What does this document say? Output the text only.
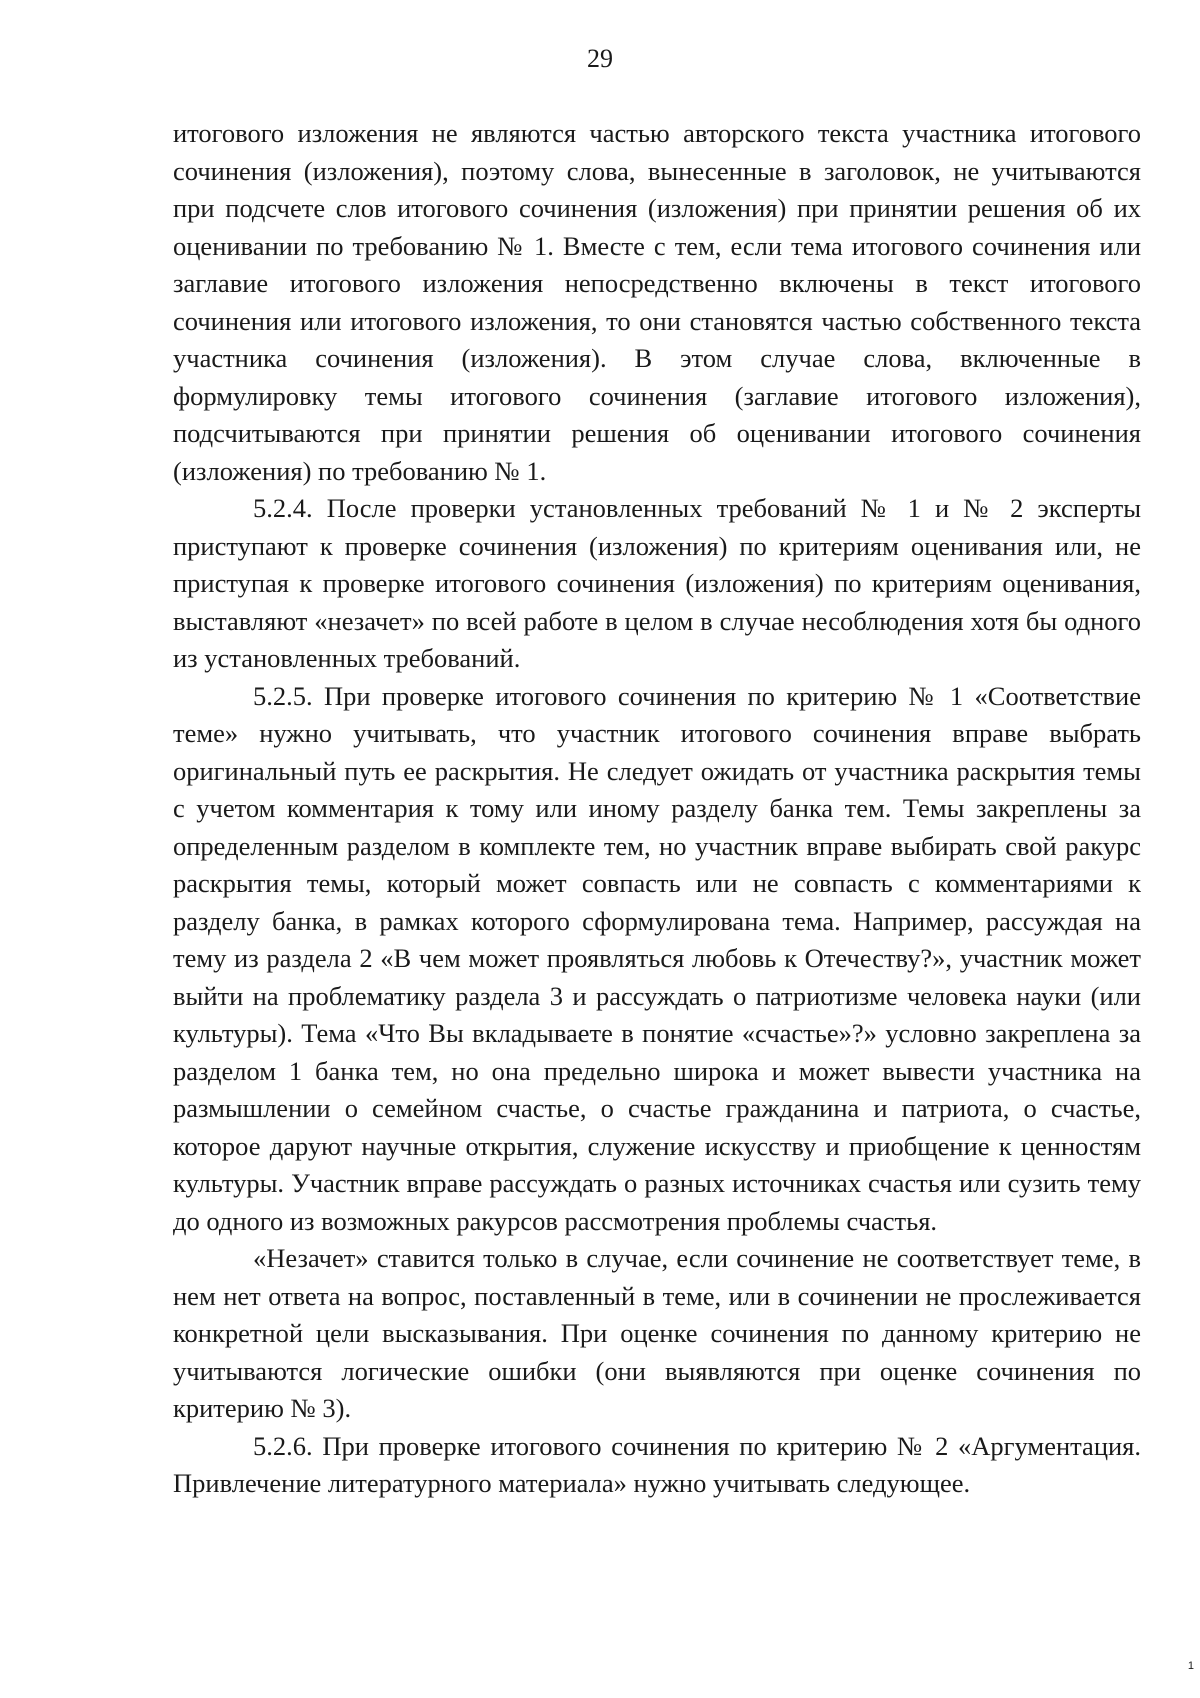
29

итогового изложения не являются частью авторского текста участника итогового сочинения (изложения), поэтому слова, вынесенные в заголовок, не учитываются при подсчете слов итогового сочинения (изложения) при принятии решения об их оценивании по требованию № 1. Вместе с тем, если тема итогового сочинения или заглавие итогового изложения непосредственно включены в текст итогового сочинения или итогового изложения, то они становятся частью собственного текста участника сочинения (изложения). В этом случае слова, включенные в формулировку темы итогового сочинения (заглавие итогового изложения), подсчитываются при принятии решения об оценивании итогового сочинения (изложения) по требованию № 1.

5.2.4. После проверки установленных требований № 1 и № 2 эксперты приступают к проверке сочинения (изложения) по критериям оценивания или, не приступая к проверке итогового сочинения (изложения) по критериям оценивания, выставляют «незачет» по всей работе в целом в случае несоблюдения хотя бы одного из установленных требований.

5.2.5. При проверке итогового сочинения по критерию № 1 «Соответствие теме» нужно учитывать, что участник итогового сочинения вправе выбрать оригинальный путь ее раскрытия. Не следует ожидать от участника раскрытия темы с учетом комментария к тому или иному разделу банка тем. Темы закреплены за определенным разделом в комплекте тем, но участник вправе выбирать свой ракурс раскрытия темы, который может совпасть или не совпасть с комментариями к разделу банка, в рамках которого сформулирована тема. Например, рассуждая на тему из раздела 2 «В чем может проявляться любовь к Отечеству?», участник может выйти на проблематику раздела 3 и рассуждать о патриотизме человека науки (или культуры). Тема «Что Вы вкладываете в понятие «счастье»?» условно закреплена за разделом 1 банка тем, но она предельно широка и может вывести участника на размышлении о семейном счастье, о счастье гражданина и патриота, о счастье, которое даруют научные открытия, служение искусству и приобщение к ценностям культуры. Участник вправе рассуждать о разных источниках счастья или сузить тему до одного из возможных ракурсов рассмотрения проблемы счастья.

«Незачет» ставится только в случае, если сочинение не соответствует теме, в нем нет ответа на вопрос, поставленный в теме, или в сочинении не прослеживается конкретной цели высказывания. При оценке сочинения по данному критерию не учитываются логические ошибки (они выявляются при оценке сочинения по критерию № 3).

5.2.6. При проверке итогового сочинения по критерию № 2 «Аргументация. Привлечение литературного материала» нужно учитывать следующее.

1
